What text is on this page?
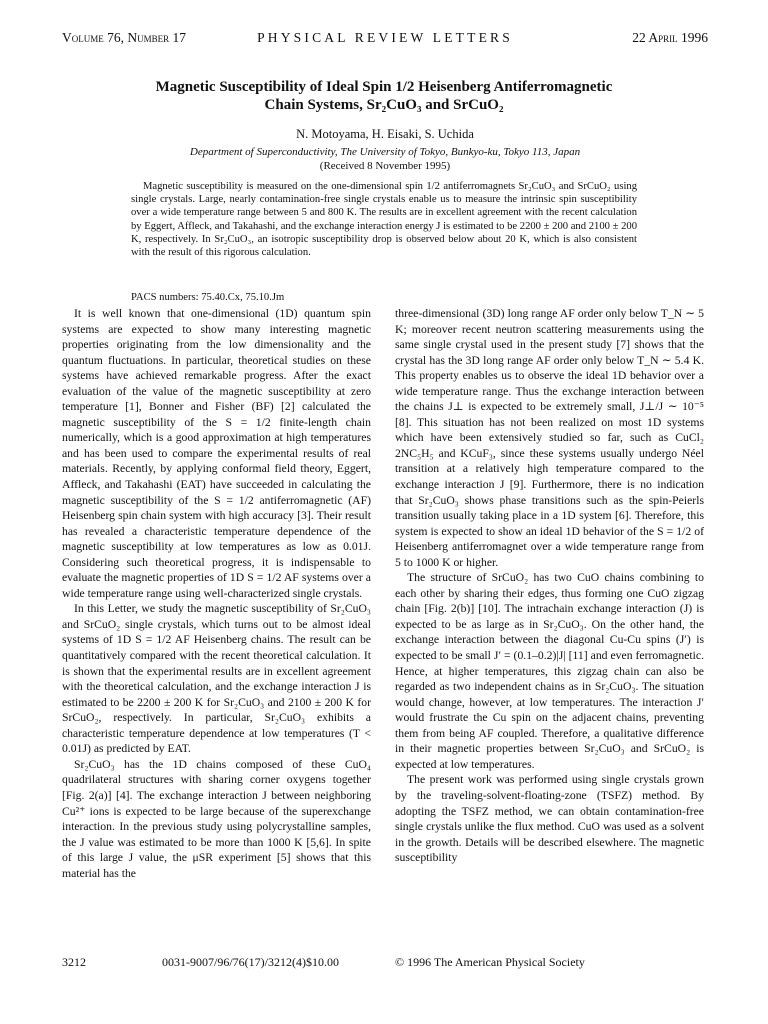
Volume 76, Number 17	PHYSICAL REVIEW LETTERS	22 April 1996
Magnetic Susceptibility of Ideal Spin 1/2 Heisenberg Antiferromagnetic
Chain Systems, Sr₂CuO₃ and SrCuO₂
N. Motoyama, H. Eisaki, S. Uchida
Department of Superconductivity, The University of Tokyo, Bunkyo-ku, Tokyo 113, Japan
(Received 8 November 1995)

Magnetic susceptibility is measured on the one-dimensional spin 1/2 antiferromagnets Sr₂CuO₃ and SrCuO₂ using single crystals. Large, nearly contamination-free single crystals enable us to measure the intrinsic spin susceptibility over a wide temperature range between 5 and 800 K. The results are in excellent agreement with the recent calculation by Eggert, Affleck, and Takahashi, and the exchange interaction energy J is estimated to be 2200 ± 200 and 2100 ± 200 K, respectively. In Sr₂CuO₃, an isotropic susceptibility drop is observed below about 20 K, which is also consistent with the result of this rigorous calculation.

PACS numbers: 75.40.Cx, 75.10.Jm

It is well known that one-dimensional (1D) quantum spin systems are expected to show many interesting magnetic properties originating from the low dimensionality and the quantum fluctuations. In particular, theoretical studies on these systems have achieved remarkable progress. After the exact evaluation of the value of the magnetic susceptibility at zero temperature [1], Bonner and Fisher (BF) [2] calculated the magnetic susceptibility of the S = 1/2 finite-length chain numerically, which is a good approximation at high temperatures and has been used to compare the experimental results of real materials. Recently, by applying conformal field theory, Eggert, Affleck, and Takahashi (EAT) have succeeded in calculating the magnetic susceptibility of the S = 1/2 antiferromagnetic (AF) Heisenberg spin chain system with high accuracy [3]. Their result has revealed a characteristic temperature dependence of the magnetic susceptibility at low temperatures as low as 0.01J. Considering such theoretical progress, it is indispensable to evaluate the magnetic properties of 1D S = 1/2 AF systems over a wide temperature range using well-characterized single crystals.

In this Letter, we study the magnetic susceptibility of Sr₂CuO₃ and SrCuO₂ single crystals, which turns out to be almost ideal systems of 1D S = 1/2 AF Heisenberg chains. The result can be quantitatively compared with the recent theoretical calculation. It is shown that the experimental results are in excellent agreement with the theoretical calculation, and the exchange interaction J is estimated to be 2200 ± 200 K for Sr₂CuO₃ and 2100 ± 200 K for SrCuO₂, respectively. In particular, Sr₂CuO₃ exhibits a characteristic temperature dependence at low temperatures (T < 0.01J) as predicted by EAT.

Sr₂CuO₃ has the 1D chains composed of these CuO₄ quadrilateral structures with sharing corner oxygens together [Fig. 2(a)] [4]. The exchange interaction J between neighboring Cu²⁺ ions is expected to be large because of the superexchange interaction. In the previous study using polycrystalline samples, the J value was estimated to be more than 1000 K [5,6]. In spite of this large J value, the μSR experiment [5] shows that this material has the

three-dimensional (3D) long range AF order only below T_N ∼ 5 K; moreover recent neutron scattering measurements using the same single crystal used in the present study [7] shows that the crystal has the 3D long range AF order only below T_N ∼ 5.4 K. This property enables us to observe the ideal 1D behavior over a wide temperature range. Thus the exchange interaction between the chains J⊥ is expected to be extremely small, J⊥/J ∼ 10⁻⁵ [8]. This situation has not been realized on most 1D systems which have been extensively studied so far, such as CuCl₂ 2NC₅H₅ and KCuF₃, since these systems usually undergo Néel transition at a relatively high temperature compared to the exchange interaction J [9]. Furthermore, there is no indication that Sr₂CuO₃ shows phase transitions such as the spin-Peierls transition usually taking place in a 1D system [6]. Therefore, this system is expected to show an ideal 1D behavior of the S = 1/2 of Heisenberg antiferromagnet over a wide temperature range from 5 to 1000 K or higher.

The structure of SrCuO₂ has two CuO chains combining to each other by sharing their edges, thus forming one CuO zigzag chain [Fig. 2(b)] [10]. The intrachain exchange interaction (J) is expected to be as large as in Sr₂CuO₃. On the other hand, the exchange interaction between the diagonal Cu-Cu spins (J′) is expected to be small J′ = (0.1–0.2)|J| [11] and even ferromagnetic. Hence, at higher temperatures, this zigzag chain can also be regarded as two independent chains as in Sr₂CuO₃. The situation would change, however, at low temperatures. The interaction J′ would frustrate the Cu spin on the adjacent chains, preventing them from being AF coupled. Therefore, a qualitative difference in their magnetic properties between Sr₂CuO₃ and SrCuO₂ is expected at low temperatures.

The present work was performed using single crystals grown by the traveling-solvent-floating-zone (TSFZ) method. By adopting the TSFZ method, we can obtain contamination-free single crystals unlike the flux method. CuO was used as a solvent in the growth. Details will be described elsewhere. The magnetic susceptibility

3212	0031-9007/96/76(17)/3212(4)$10.00	© 1996 The American Physical Society
